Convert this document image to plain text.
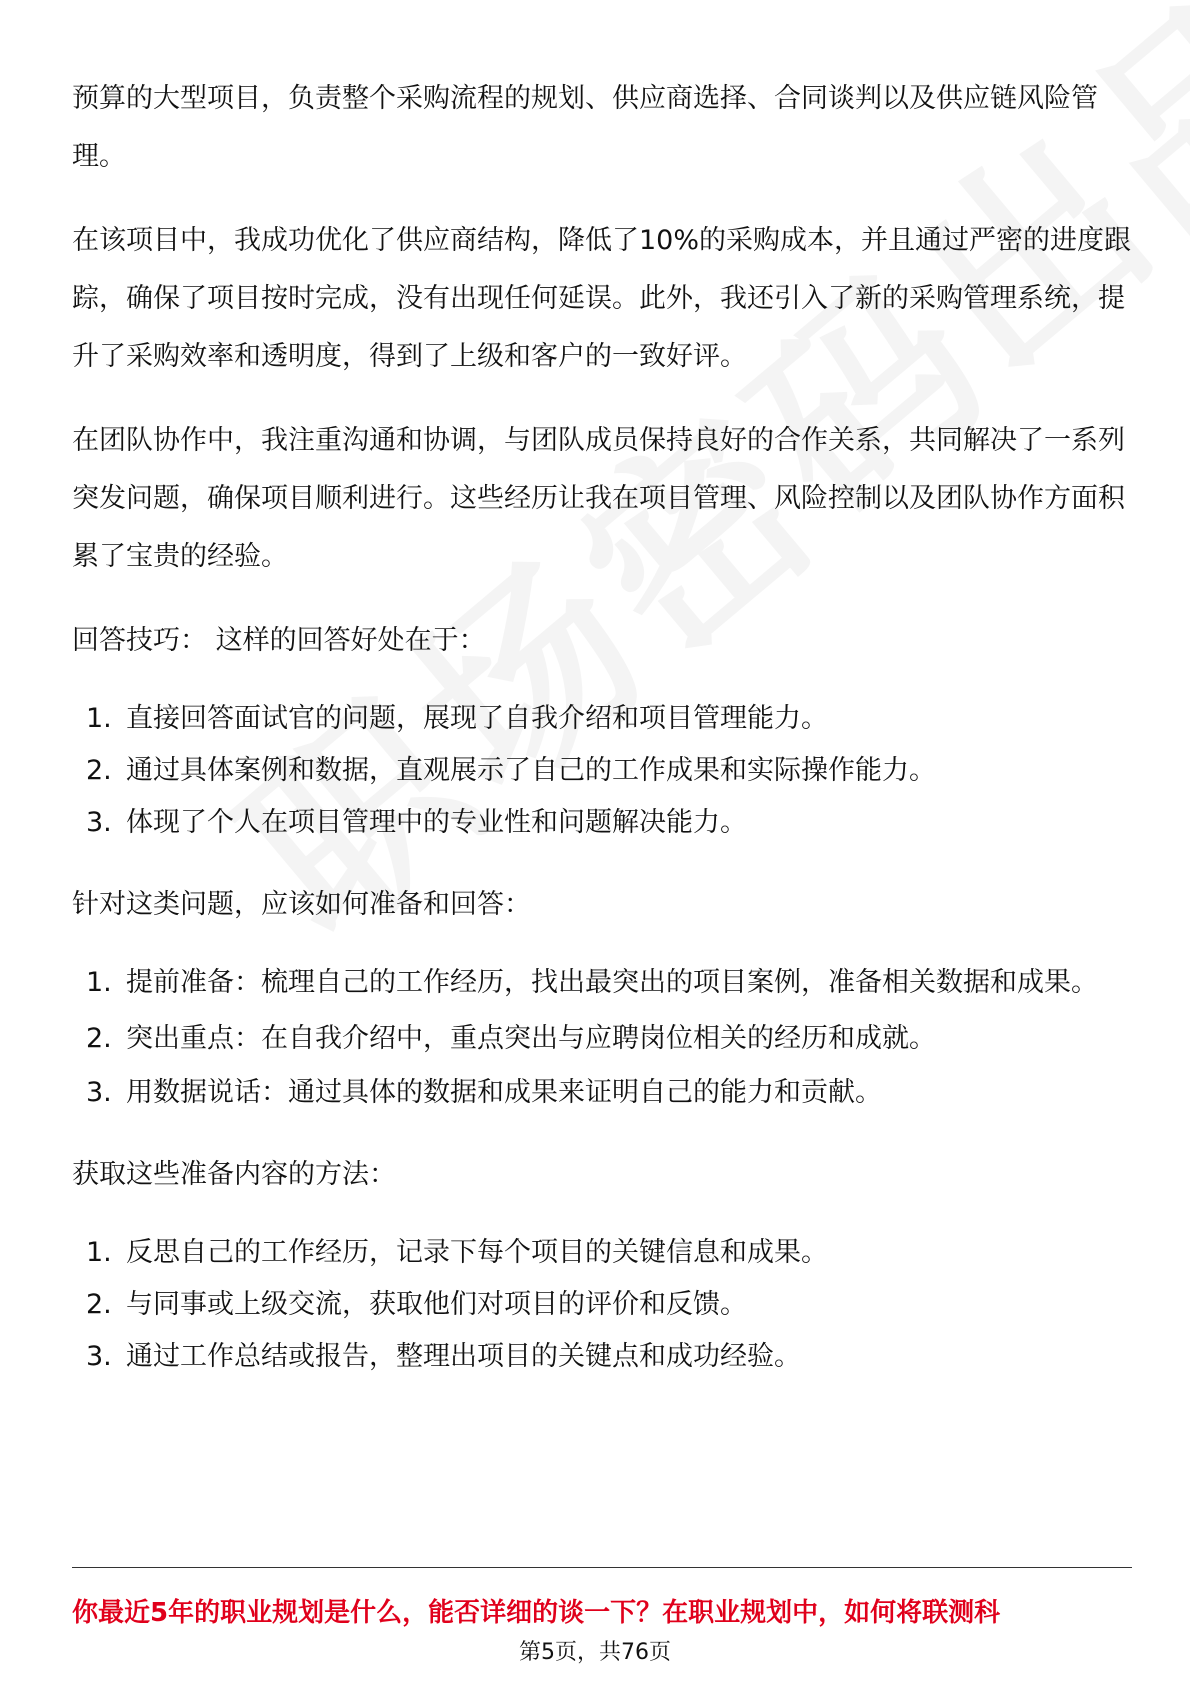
预算的大型项目，负责整个采购流程的规划、供应商选择、合同谈判以及供应链风险管理。

在该项目中，我成功优化了供应商结构，降低了10%的采购成本，并且通过严密的进度跟踪，确保了项目按时完成，没有出现任何延误。此外，我还引入了新的采购管理系统，提升了采购效率和透明度，得到了上级和客户的一致好评。

在团队协作中，我注重沟通和协调，与团队成员保持良好的合作关系，共同解决了一系列突发问题，确保项目顺利进行。这些经历让我在项目管理、风险控制以及团队协作方面积累了宝贵的经验。

回答技巧： 这样的回答好处在于：

1. 直接回答面试官的问题，展现了自我介绍和项目管理能力。
2. 通过具体案例和数据，直观展示了自己的工作成果和实际操作能力。
3. 体现了个人在项目管理中的专业性和问题解决能力。

针对这类问题，应该如何准备和回答：

1. 提前准备：梳理自己的工作经历，找出最突出的项目案例，准备相关数据和成果。
2. 突出重点：在自我介绍中，重点突出与应聘岗位相关的经历和成就。
3. 用数据说话：通过具体的数据和成果来证明自己的能力和贡献。

获取这些准备内容的方法：

1. 反思自己的工作经历，记录下每个项目的关键信息和成果。
2. 与同事或上级交流，获取他们对项目的评价和反馈。
3. 通过工作总结或报告，整理出项目的关键点和成功经验。
你最近5年的职业规划是什么，能否详细的谈一下？在职业规划中，如何将联测科
第5页，共76页
